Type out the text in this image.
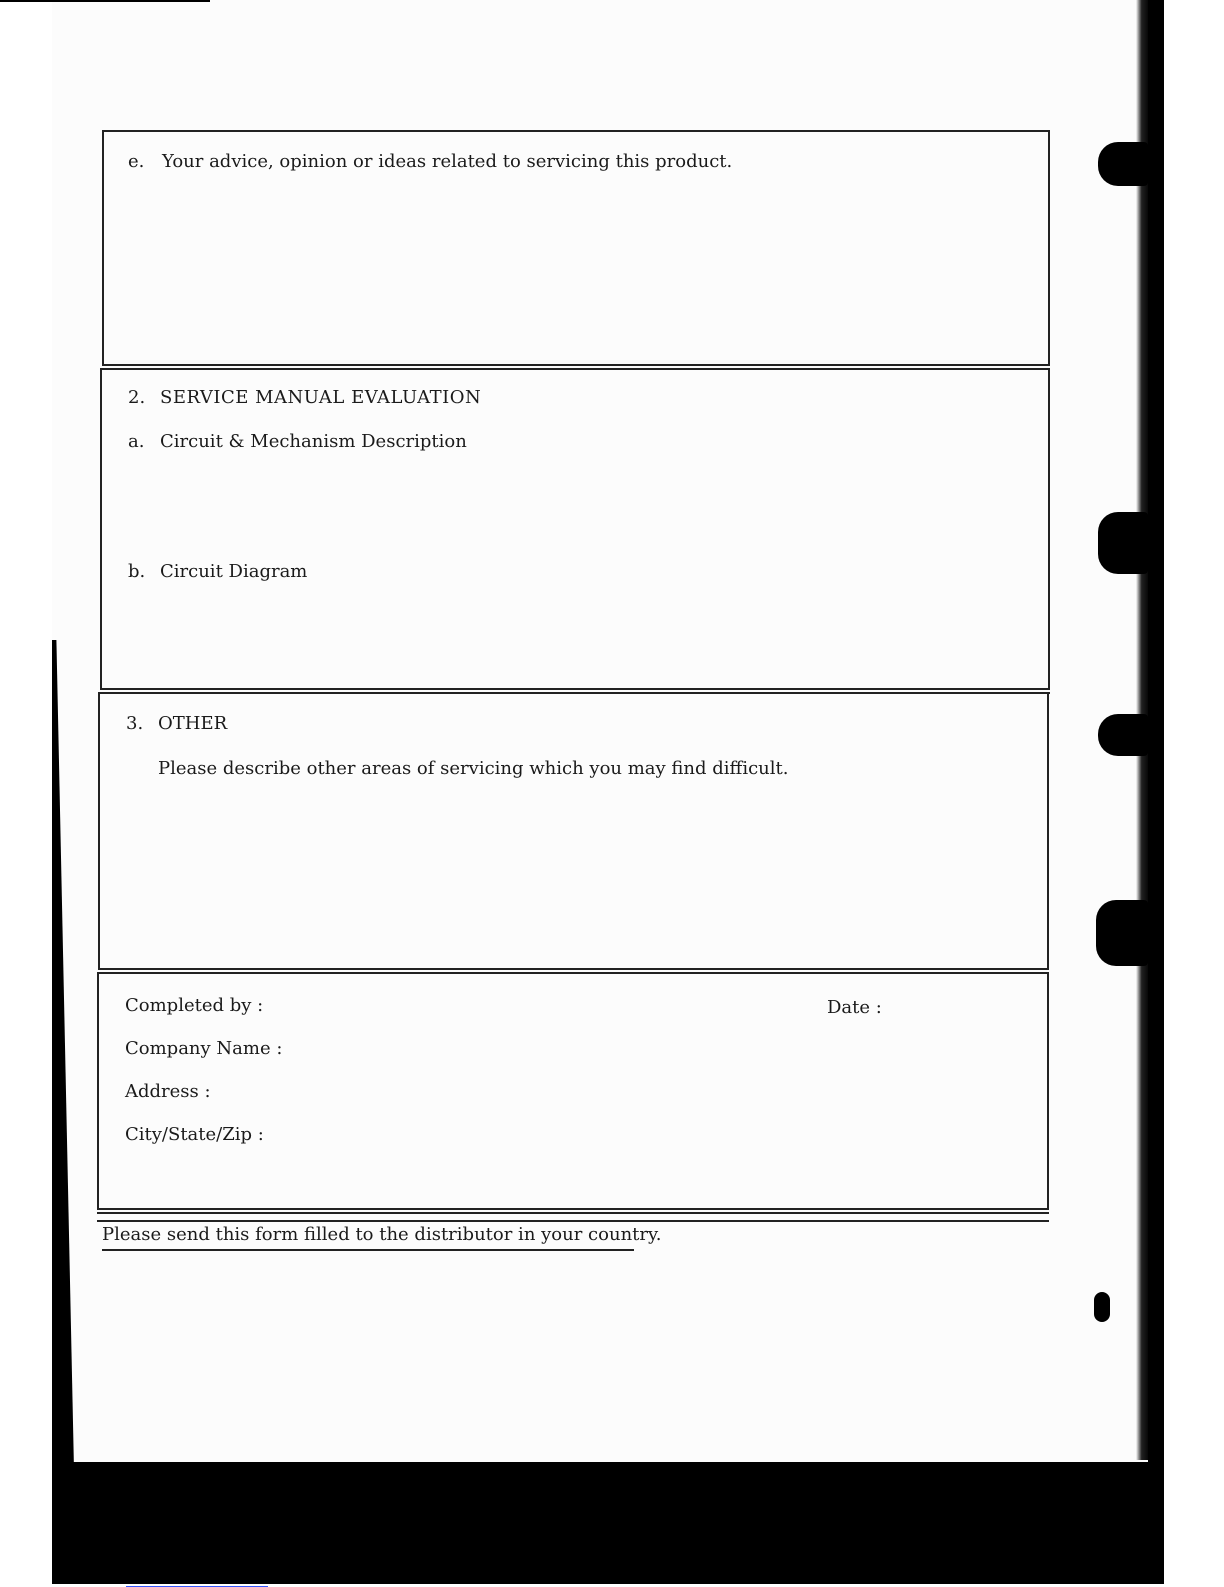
e. Your advice, opinion or ideas related to servicing this product.
2. SERVICE MANUAL EVALUATION
a. Circuit & Mechanism Description
b. Circuit Diagram
3. OTHER
Please describe other areas of servicing which you may find difficult.
Completed by :	Date :
Company Name :
Address :
City/State/Zip :
Please send this form filled to the distributor in your country.
